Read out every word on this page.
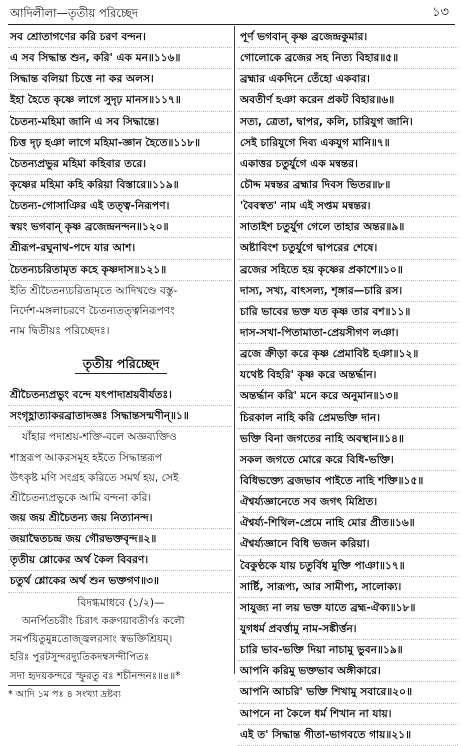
আদিলীলা—তৃতীয় পরিচ্ছেদ	১৩
সব শ্রোতাগণের করি চরণ বন্দন।
এ সব সিদ্ধান্ত শুন, করি' এক মন॥১১৬॥
সিদ্ধান্ত বলিয়া চিত্তে না কর অলস।
ইহা হৈতে কৃষ্ণে লাগে সুদৃঢ় মানস॥১১৭॥
চৈতন্য-মহিমা জানি এ সব সিদ্ধান্তে।
চিত্ত দৃঢ় হঞা লাগে মহিমা-জ্ঞান হৈতে॥১১৮॥
চৈতন্যপ্রভুর মহিমা কহিবার তরে।
কৃষ্ণের মহিমা কহি করিয়া বিস্তারে॥১১৯॥
চৈতন্য-গোসাঞির এই তত্ত্ব-নিরূপণ।
স্বয়ং ভগবান্ কৃষ্ণ ব্রজেন্দ্রনন্দন॥১২০॥
শ্রীরূপ-রঘুনাথ-পদে যার আশ।
চৈতন্যচরিতামৃত কহে কৃষ্ণদাস॥১২১॥
ইতি শ্রীচৈতন্যচরিতামৃতে আদিখণ্ডে বস্তু-
নির্দেশ-মঙ্গলাচরণে চৈতন্যতত্ত্বনিরূপণং
নাম দ্বিতীয়ঃ পরিচ্ছেদঃ।
তৃতীয় পরিচ্ছেদ
শ্রীচৈতন্যপ্রভুং বন্দে যৎপাদাশ্রয়বীর্যতঃ।
সংগৃহ্ণাত্যাকরব্রাতাদজ্ঞঃ সিদ্ধান্তসন্মণীন্॥১॥
যাঁহার পদাশ্রয়-শক্তি-বলে অজ্ঞব্যক্তিও
শাস্ত্ররূপ আকরসমূহ হইতে সিদ্ধান্তরূপ
উৎকৃষ্ট মণি সংগ্রহ করিতে সমর্থ হয়, সেই
শ্রীচৈতন্যপ্রভুকে আমি বন্দনা করি।
জয় জয় শ্রীচৈতন্য জয় নিত্যানন্দ।
জয়াদ্বৈতচন্দ্র জয় গৌরভক্তবৃন্দ॥২॥
তৃতীয় শ্লোকের অর্থ কৈল বিবরণ।
চতুর্থ শ্লোকের অর্থ শুন ভক্তগণ॥৩॥
বিদগ্ধমাধবে (১/২)—
অনর্পিতচরীং চিরাৎ করুণয়াবতীর্ণঃ কলৌ
সমর্পয়িতুমুন্নতোজ্জ্বলরসাং স্বভক্তিশ্রিয়ম্।
হরিঃ পুরটসুন্দরদ্যুতিকদম্বসন্দীপিতঃ
সদা হৃদয়কন্দরে স্ফুরতু বঃ শচীনন্দনঃ॥৪॥*
* আদি ১ম পঃ ৪ সংখ্যা দ্রষ্টব্য
পূর্ণ ভগবান্ কৃষ্ণ ব্রজেন্দ্রকুমার।
গোলোকে ব্রজের সহ নিত্য বিহার॥৫॥
ব্রহ্মার একদিনে তেঁহো একবার।
অবতীর্ণ হঞা করেন প্রকট বিহার॥৬॥
সত্য, ত্রেতা, দ্বাপর, কলি, চারিযুগ জানি।
সেই চারিযুগে দিব্য একযুগ মানি॥৭॥
একাত্তর চতুর্যুগে এক মন্বন্তর।
চৌদ্দ মন্বন্তর ব্রহ্মার দিবস ভিতর॥৮॥
'বৈবস্বত' নাম এই সপ্তম মন্বন্তর।
সাতাইশ চতুর্যুগ গেলে তাহার অন্তর॥৯॥
অষ্টাবিংশ চতুর্যুগে দ্বাপরের শেষে।
ব্রজের সহিতে হয় কৃষ্ণের প্রকাশে॥১০॥
দাস্য, সখ্য, বাৎসল্য, শৃঙ্গার—চারি রস।
চারি ভাবের ভক্ত যত কৃষ্ণ তার বশ॥১১॥
দাস-সখা-পিতামাতা-প্রেয়সীগণ লঞা।
ব্রজে ক্রীড়া করে কৃষ্ণ প্রেমাবিষ্ট হঞা॥১২॥
যথেষ্ট বিহরি' কৃষ্ণ করে অন্তর্দ্ধান।
অন্তর্দ্ধান করি' মনে করে অনুমান॥১৩॥
চিরকাল নাহি করি প্রেমভক্তি দান।
ভক্তি বিনা জগতের নাহি অবস্থান॥১৪॥
সকল জগতে মোরে করে বিধি-ভক্তি।
বিধিভক্ত্যে ব্রজভাব পাইতে নাহি শক্তি॥১৫॥
ঐশ্বর্য্যজ্ঞানেতে সব জগৎ মিশ্রিত।
ঐশ্বর্য্য-শিথিল-প্রেমে নাহি মোর প্রীত॥১৬॥
ঐশ্বর্য্যজ্ঞানে বিধি ভজন করিয়া।
বৈকুণ্ঠকে যায় চতুর্বিধ মুক্তি পাঞা॥১৭॥
সার্ষ্টি, সারূপ্য, আর সামীপ্য, সালোক্য।
সাযুজ্য না লয় ভক্ত যাতে ব্রহ্ম-ঐক্য॥১৮॥
যুগধর্ম প্রবর্ত্তামু নাম-সঙ্কীর্ত্তন।
চারি ভাব-ভক্তি দিয়া নাচামু ভুবন॥১৯॥
আপনি করিমু ভক্তভাব অঙ্গীকারে।
আপনি আচরি' ভক্তি শিখামু সবারে॥২০॥
আপনে না কৈলে ধর্ম শিখান না যায়।
এই ত' সিদ্ধান্ত গীতা-ভাগবতে গায়॥২১॥
